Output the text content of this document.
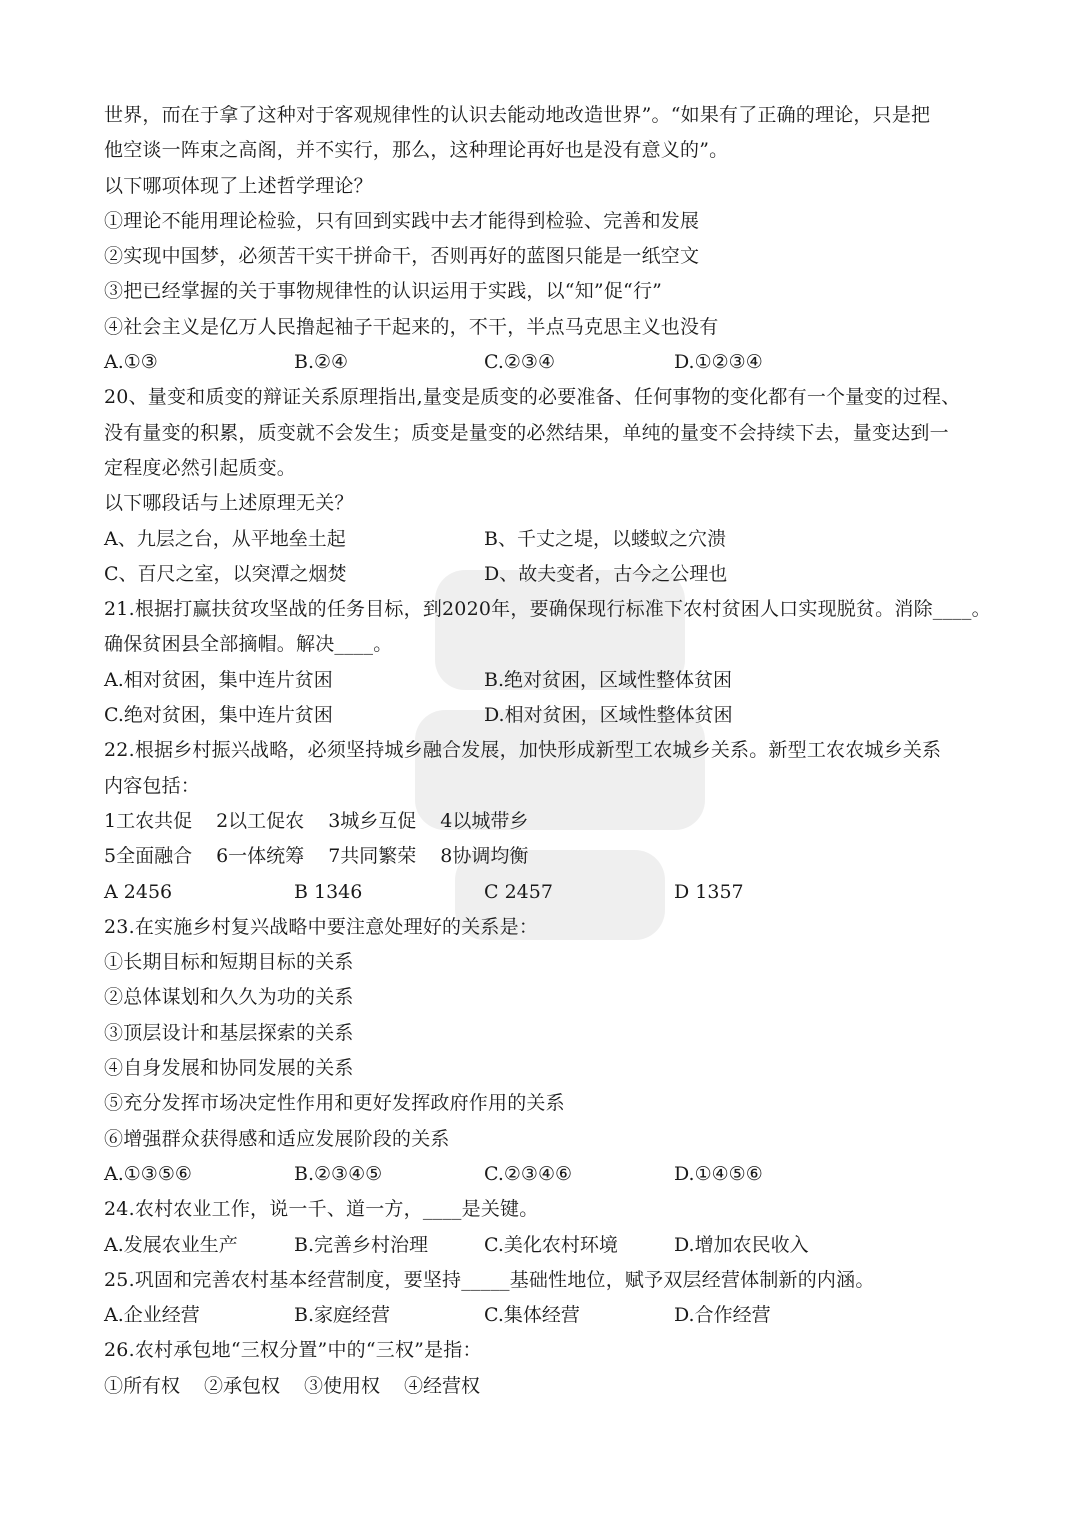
世界，而在于拿了这种对于客观规律性的认识去能动地改造世界”。“如果有了正确的理论，只是把
他空谈一阵束之高阁，并不实行，那么，这种理论再好也是没有意义的”。
以下哪项体现了上述哲学理论？
①理论不能用理论检验，只有回到实践中去才能得到检验、完善和发展
②实现中国梦，必须苦干实干拼命干，否则再好的蓝图只能是一纸空文
③把已经掌握的关于事物规律性的认识运用于实践，以“知”促“行”
④社会主义是亿万人民撸起袖子干起来的，不干，半点马克思主义也没有
A.①③	B.②④	C.②③④	D.①②③④
20、量变和质变的辩证关系原理指出,量变是质变的必要准备、任何事物的变化都有一个量变的过程、
没有量变的积累，质变就不会发生；质变是量变的必然结果，单纯的量变不会持续下去，量变达到一
定程度必然引起质变。
以下哪段话与上述原理无关？
A、九层之台，从平地垒土起	B、千丈之堤，以蝼蚁之穴溃
C、百尺之室，以突潭之烟焚	D、故夫变者，古今之公理也
21.根据打赢扶贫攻坚战的任务目标，到2020年，要确保现行标准下农村贫困人口实现脱贫。消除____。
确保贫困县全部摘帽。解决____。
A.相对贫困，集中连片贫困	B.绝对贫困，区域性整体贫困
C.绝对贫困，集中连片贫困	D.相对贫困，区域性整体贫困
22.根据乡村振兴战略，必须坚持城乡融合发展，加快形成新型工农城乡关系。新型工农农城乡关系
内容包括：
1工农共促 2以工促农 3城乡互促 4以城带乡
5全面融合 6一体统筹 7共同繁荣 8协调均衡
A 2456	B 1346	C 2457	D 1357
23.在实施乡村复兴战略中要注意处理好的关系是：
①长期目标和短期目标的关系
②总体谋划和久久为功的关系
③顶层设计和基层探索的关系
④自身发展和协同发展的关系
⑤充分发挥市场决定性作用和更好发挥政府作用的关系
⑥增强群众获得感和适应发展阶段的关系
A.①③⑤⑥	B.②③④⑤	C.②③④⑥	D.①④⑤⑥
24.农村农业工作，说一千、道一方，____是关键。
A.发展农业生产	B.完善乡村治理	C.美化农村环境	D.增加农民收入
25.巩固和完善农村基本经营制度，要坚持_____基础性地位，赋予双层经营体制新的内涵。
A.企业经营	B.家庭经营	C.集体经营	D.合作经营
26.农村承包地“三权分置”中的“三权”是指：
①所有权 ②承包权 ③使用权 ④经营权
